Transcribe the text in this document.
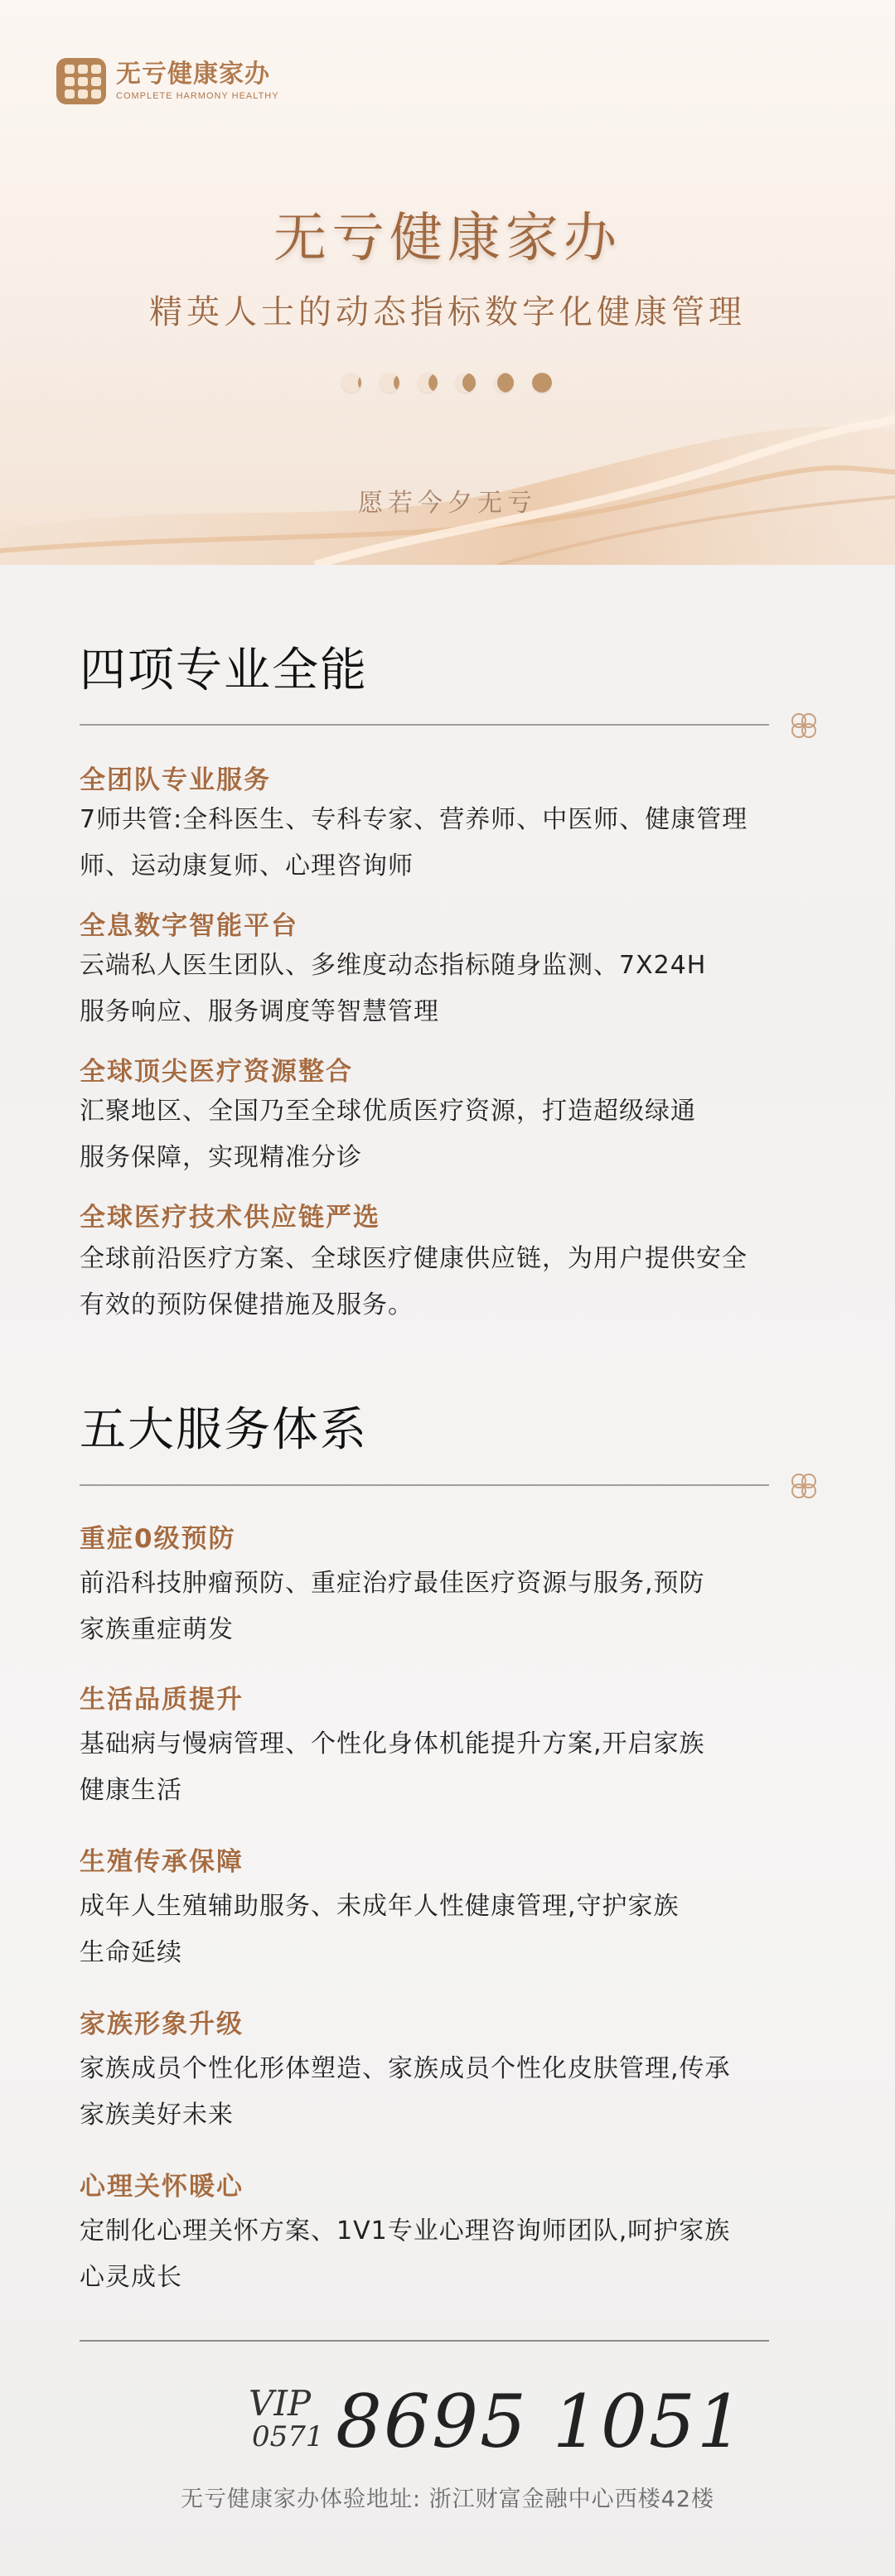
无亏健康家办
COMPLETE HARMONY HEALTHY
无亏健康家办
精英人士的动态指标数字化健康管理
愿若今夕无亏
四项专业全能
全团队专业服务
7师共管:全科医生、专科专家、营养师、中医师、健康管理
师、运动康复师、心理咨询师
全息数字智能平台
云端私人医生团队、多维度动态指标随身监测、7X24H
服务响应、服务调度等智慧管理
全球顶尖医疗资源整合
汇聚地区、全国乃至全球优质医疗资源，打造超级绿通
服务保障，实现精准分诊
全球医疗技术供应链严选
全球前沿医疗方案、全球医疗健康供应链，为用户提供安全
有效的预防保健措施及服务。
五大服务体系
重症0级预防
前沿科技肿瘤预防、重症治疗最佳医疗资源与服务,预防
家族重症萌发
生活品质提升
基础病与慢病管理、个性化身体机能提升方案,开启家族
健康生活
生殖传承保障
成年人生殖辅助服务、未成年人性健康管理,守护家族
生命延续
家族形象升级
家族成员个性化形体塑造、家族成员个性化皮肤管理,传承
家族美好未来
心理关怀暖心
定制化心理关怀方案、1V1专业心理咨询师团队,呵护家族
心灵成长
VIP
0571 8695 1051
无亏健康家办体验地址: 浙江财富金融中心西楼42楼
